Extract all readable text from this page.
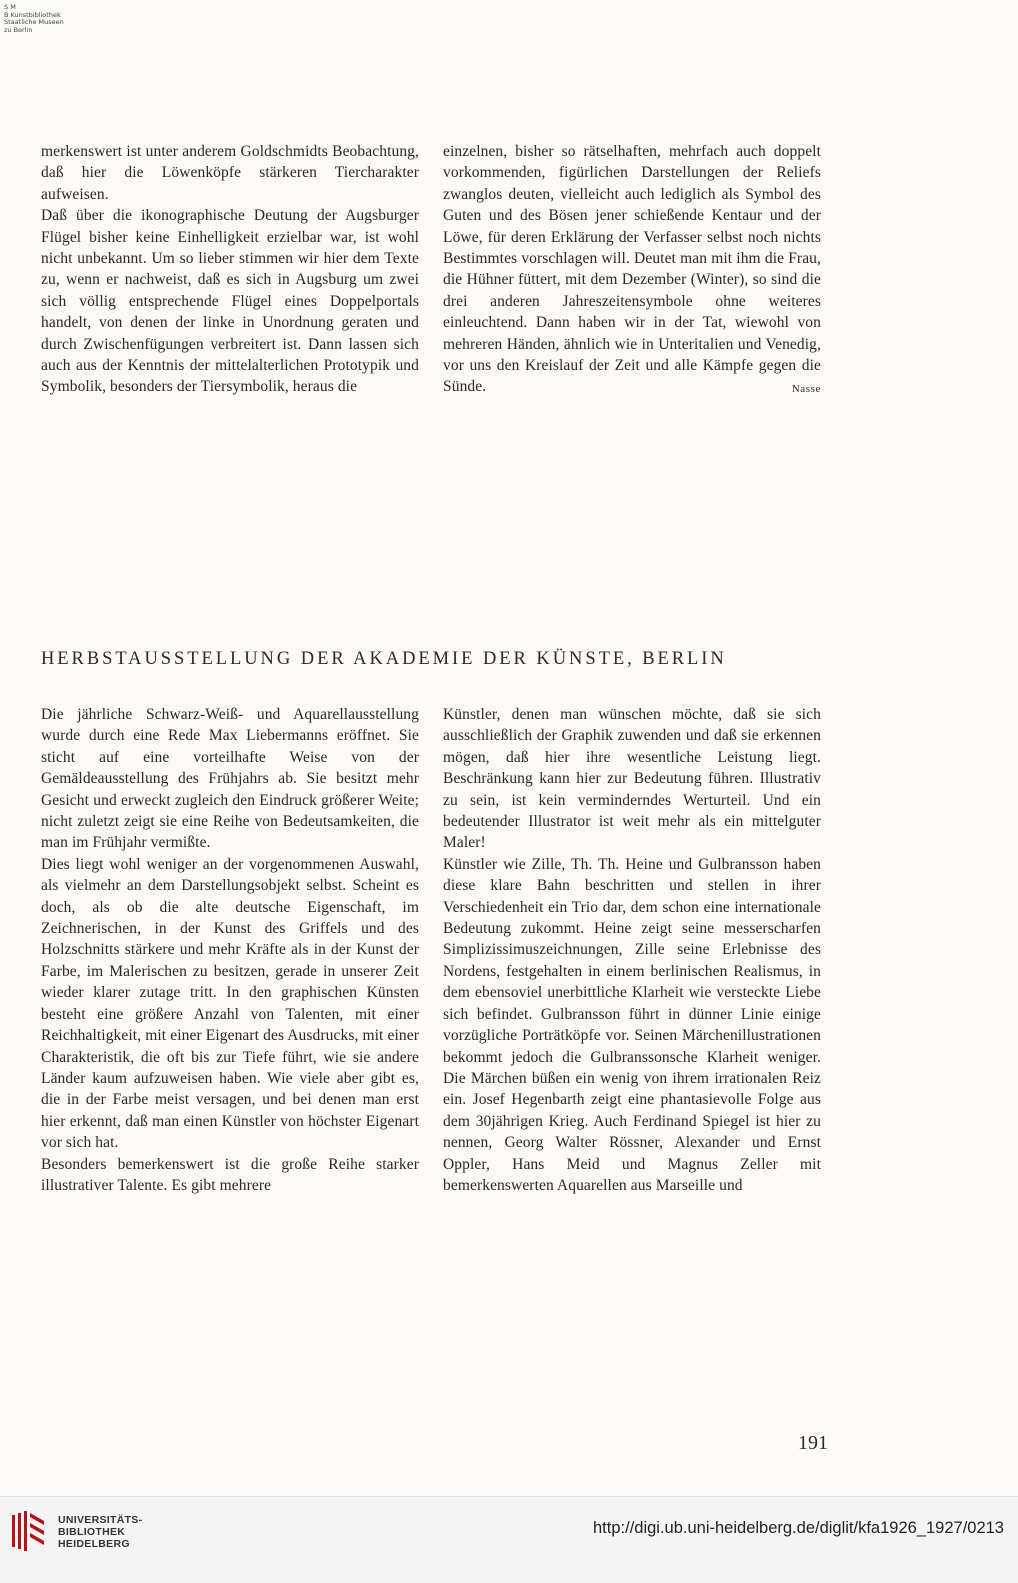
S M
B Kunstbibliothek
Staatliche Museen
zu Berlin

merkenswert ist unter anderem Goldschmidts Beobachtung, daß hier die Löwenköpfe stärkeren Tiercharakter aufweisen.

Daß über die ikonographische Deutung der Augsburger Flügel bisher keine Einhelligkeit erzielbar war, ist wohl nicht unbekannt. Um so lieber stimmen wir hier dem Texte zu, wenn er nachweist, daß es sich in Augsburg um zwei sich völlig entsprechende Flügel eines Doppelportals handelt, von denen der linke in Unordnung geraten und durch Zwischenfügungen verbreitert ist. Dann lassen sich auch aus der Kenntnis der mittelalterlichen Prototypik und Symbolik, besonders der Tiersymbolik, heraus die

einzelnen, bisher so rätselhaften, mehrfach auch doppelt vorkommenden, figürlichen Darstellungen der Reliefs zwanglos deuten, vielleicht auch lediglich als Symbol des Guten und des Bösen jener schießende Kentaur und der Löwe, für deren Erklärung der Verfasser selbst noch nichts Bestimmtes vorschlagen will. Deutet man mit ihm die Frau, die Hühner füttert, mit dem Dezember (Winter), so sind die drei anderen Jahreszeitensymbole ohne weiteres einleuchtend. Dann haben wir in der Tat, wiewohl von mehreren Händen, ähnlich wie in Unteritalien und Venedig, vor uns den Kreislauf der Zeit und alle Kämpfe gegen die Sünde.	Nasse

HERBSTAUSSTELLUNG DER AKADEMIE DER KÜNSTE, BERLIN

Die jährliche Schwarz-Weiß- und Aquarellausstellung wurde durch eine Rede Max Liebermanns eröffnet. Sie sticht auf eine vorteilhafte Weise von der Gemäldeausstellung des Frühjahrs ab. Sie besitzt mehr Gesicht und erweckt zugleich den Eindruck größerer Weite; nicht zuletzt zeigt sie eine Reihe von Bedeutsamkeiten, die man im Frühjahr vermißte.

Dies liegt wohl weniger an der vorgenommenen Auswahl, als vielmehr an dem Darstellungsobjekt selbst. Scheint es doch, als ob die alte deutsche Eigenschaft, im Zeichnerischen, in der Kunst des Griffels und des Holzschnitts stärkere und mehr Kräfte als in der Kunst der Farbe, im Malerischen zu besitzen, gerade in unserer Zeit wieder klarer zutage tritt. In den graphischen Künsten besteht eine größere Anzahl von Talenten, mit einer Reichhaltigkeit, mit einer Eigenart des Ausdrucks, mit einer Charakteristik, die oft bis zur Tiefe führt, wie sie andere Länder kaum aufzuweisen haben. Wie viele aber gibt es, die in der Farbe meist versagen, und bei denen man erst hier erkennt, daß man einen Künstler von höchster Eigenart vor sich hat.

Besonders bemerkenswert ist die große Reihe starker illustrativer Talente. Es gibt mehrere

Künstler, denen man wünschen möchte, daß sie sich ausschließlich der Graphik zuwenden und daß sie erkennen mögen, daß hier ihre wesentliche Leistung liegt. Beschränkung kann hier zur Bedeutung führen. Illustrativ zu sein, ist kein verminderndes Werturteil. Und ein bedeutender Illustrator ist weit mehr als ein mittelguter Maler!

Künstler wie Zille, Th. Th. Heine und Gulbransson haben diese klare Bahn beschritten und stellen in ihrer Verschiedenheit ein Trio dar, dem schon eine internationale Bedeutung zukommt. Heine zeigt seine messerscharfen Simplizissimuszeichnungen, Zille seine Erlebnisse des Nordens, festgehalten in einem berlinischen Realismus, in dem ebensoviel unerbittliche Klarheit wie versteckte Liebe sich befindet. Gulbransson führt in dünner Linie einige vorzügliche Porträtköpfe vor. Seinen Märchenillustrationen bekommt jedoch die Gulbranssonsche Klarheit weniger. Die Märchen büßen ein wenig von ihrem irrationalen Reiz ein. Josef Hegenbarth zeigt eine phantasievolle Folge aus dem 30jährigen Krieg. Auch Ferdinand Spiegel ist hier zu nennen, Georg Walter Rössner, Alexander und Ernst Oppler, Hans Meid und Magnus Zeller mit bemerkenswerten Aquarellen aus Marseille und

191
UNIVERSITÄTS-
BIBLIOTHEK
HEIDELBERG
http://digi.ub.uni-heidelberg.de/diglit/kfa1926_1927/0213
